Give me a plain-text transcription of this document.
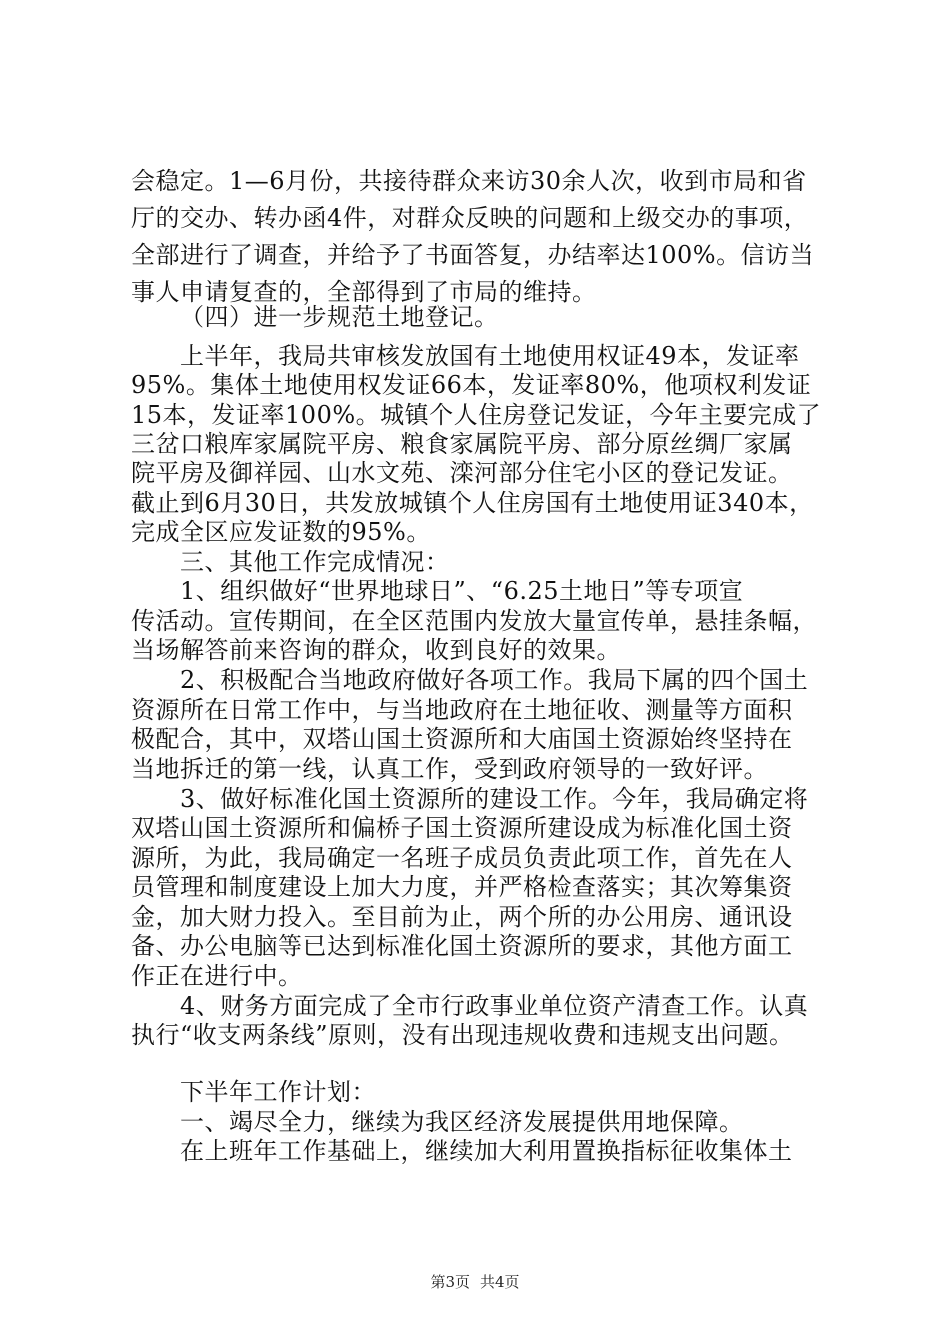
会稳定。1—6月份，共接待群众来访30余人次，收到市局和省
厅的交办、转办函4件，对群众反映的问题和上级交办的事项，
全部进行了调查，并给予了书面答复，办结率达100%。信访当
事人申请复查的，全部得到了市局的维持。
（四）进一步规范土地登记。
上半年，我局共审核发放国有土地使用权证49本，发证率
95%。集体土地使用权发证66本，发证率80%，他项权利发证
15本，发证率100%。城镇个人住房登记发证，今年主要完成了
三岔口粮库家属院平房、粮食家属院平房、部分原丝绸厂家属
院平房及御祥园、山水文苑、滦河部分住宅小区的登记发证。
截止到6月30日，共发放城镇个人住房国有土地使用证340本，
完成全区应发证数的95%。
三、其他工作完成情况：
1、组织做好“世界地球日”、“6.25土地日”等专项宣
传活动。宣传期间，在全区范围内发放大量宣传单，悬挂条幅，
当场解答前来咨询的群众，收到良好的效果。
2、积极配合当地政府做好各项工作。我局下属的四个国土
资源所在日常工作中，与当地政府在土地征收、测量等方面积
极配合，其中，双塔山国土资源所和大庙国土资源始终坚持在
当地拆迁的第一线，认真工作，受到政府领导的一致好评。
3、做好标准化国土资源所的建设工作。今年，我局确定将
双塔山国土资源所和偏桥子国土资源所建设成为标准化国土资
源所，为此，我局确定一名班子成员负责此项工作，首先在人
员管理和制度建设上加大力度，并严格检查落实；其次筹集资
金，加大财力投入。至目前为止，两个所的办公用房、通讯设
备、办公电脑等已达到标准化国土资源所的要求，其他方面工
作正在进行中。
4、财务方面完成了全市行政事业单位资产清查工作。认真
执行“收支两条线”原则，没有出现违规收费和违规支出问题。
下半年工作计划：
一、竭尽全力，继续为我区经济发展提供用地保障。
在上班年工作基础上，继续加大利用置换指标征收集体土
第3页 共4页
